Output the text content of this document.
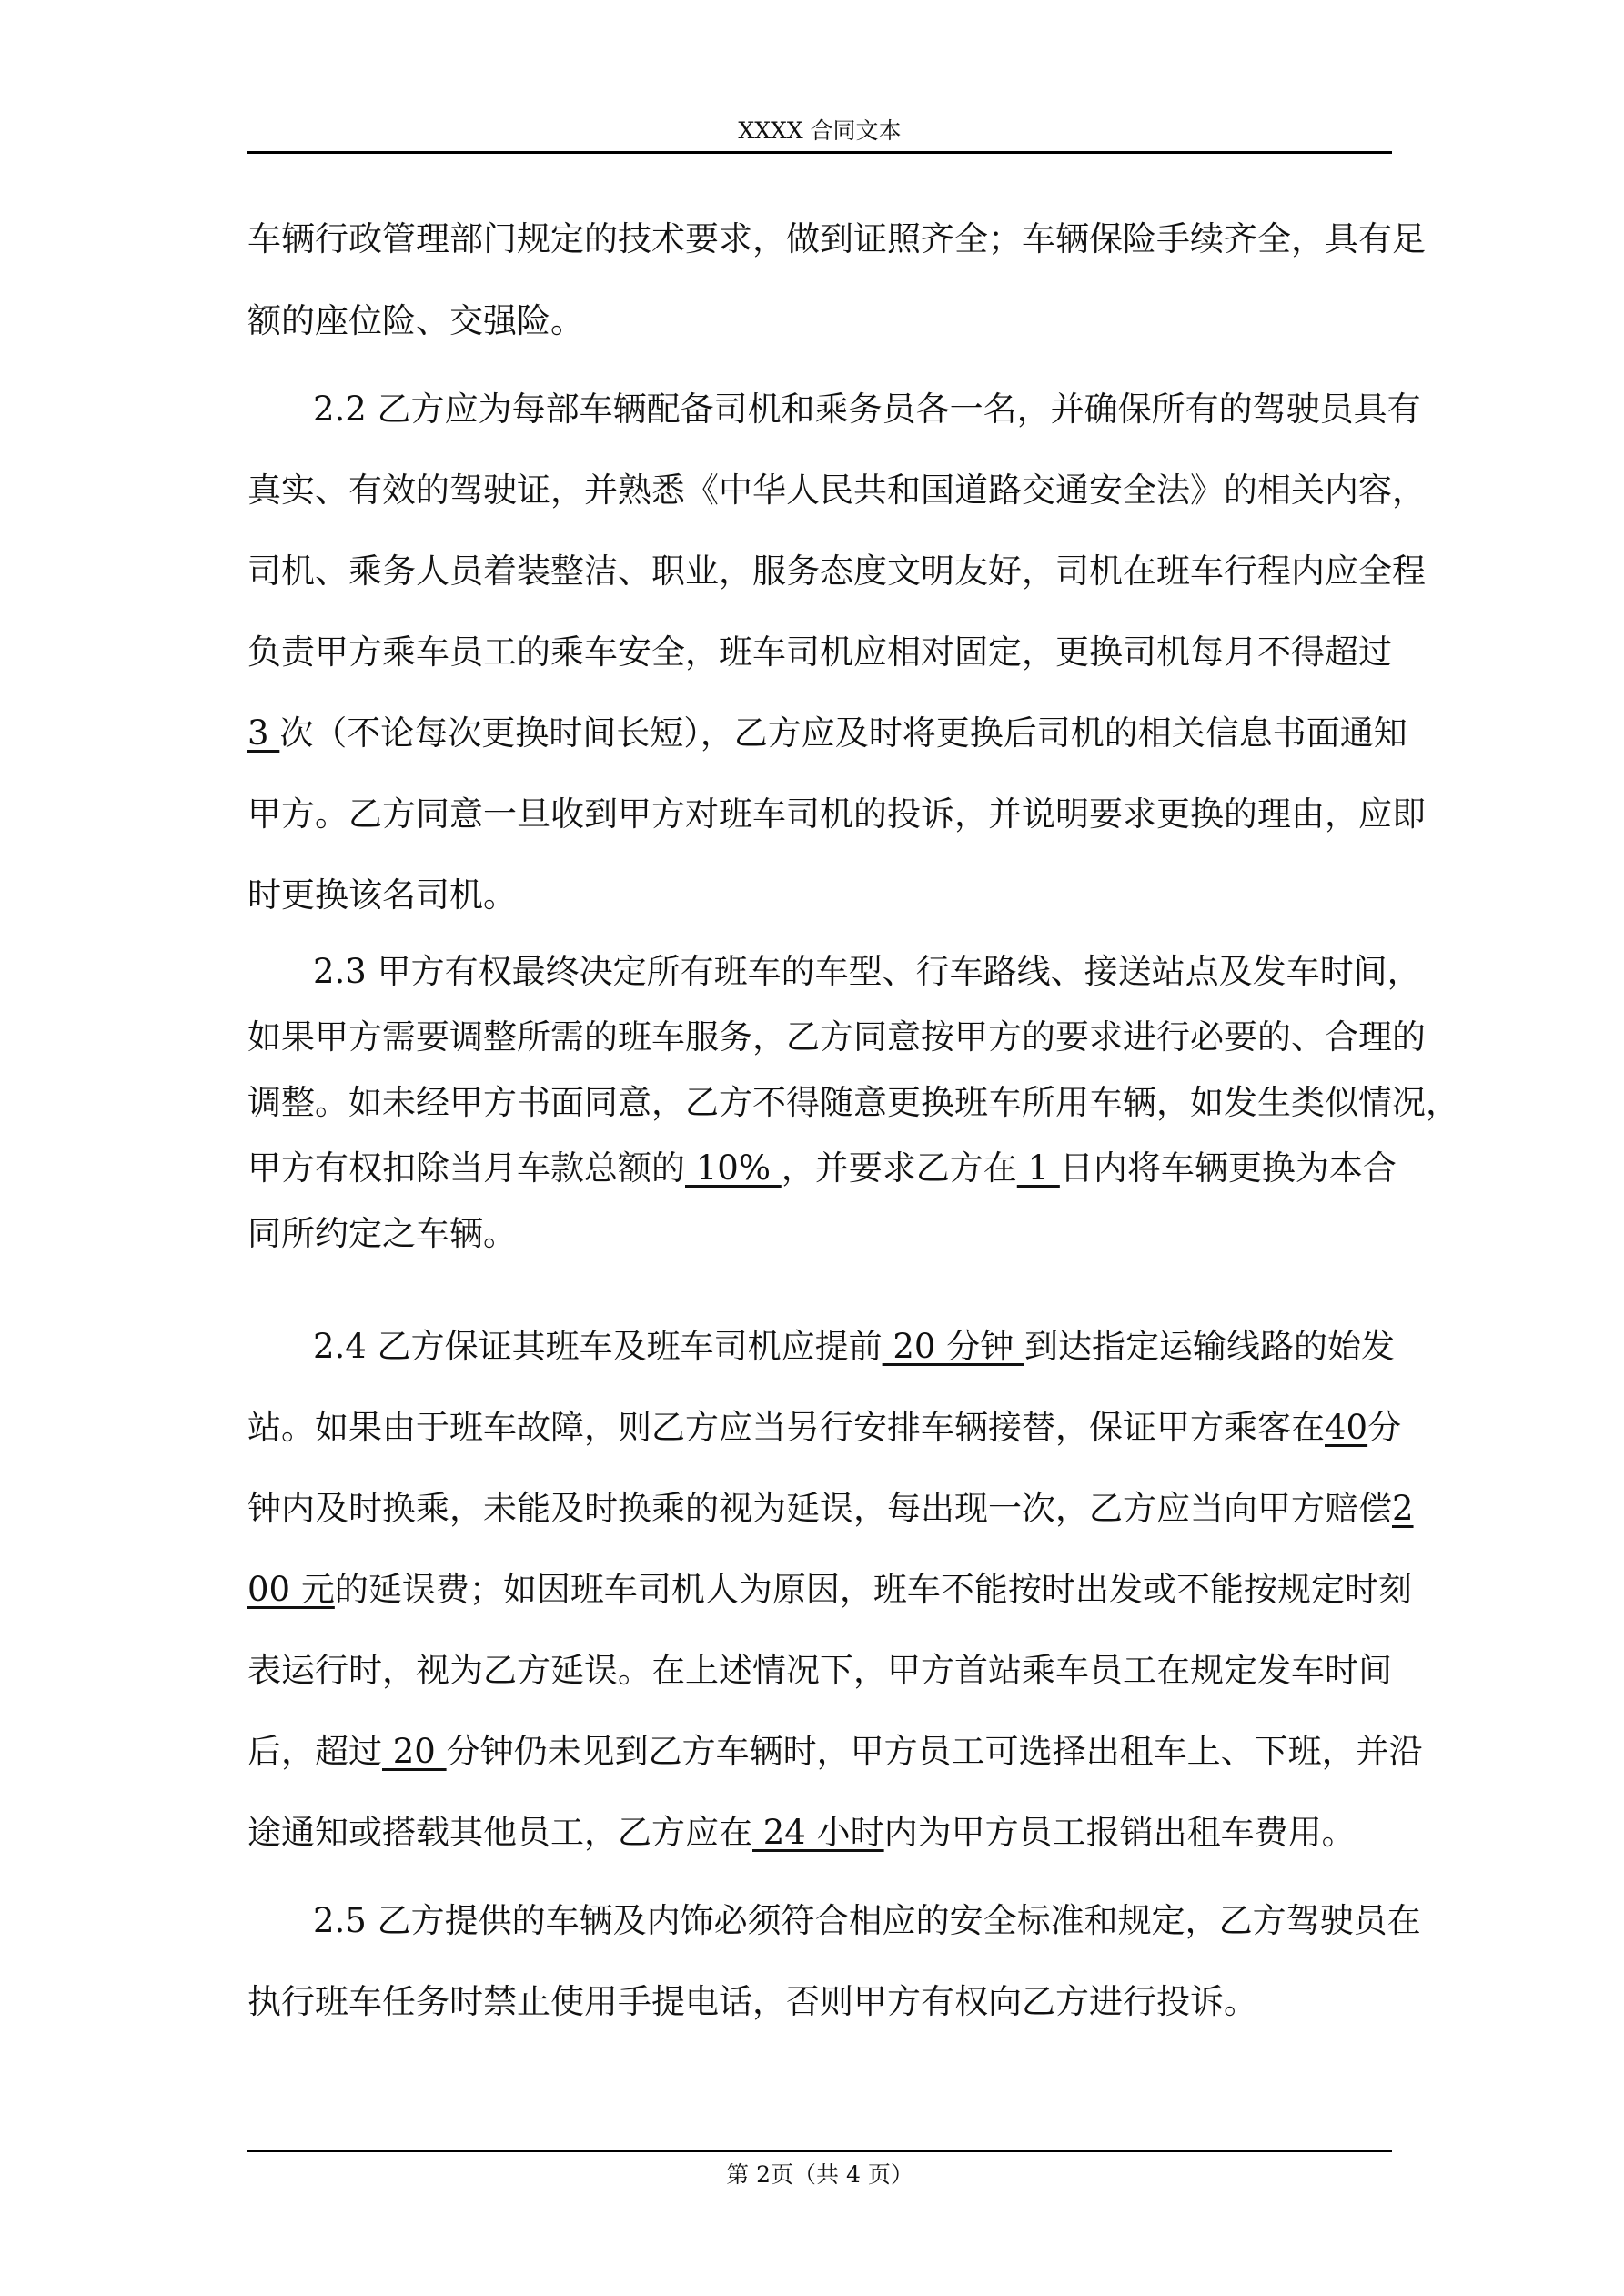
XXXX 合同文本
车辆行政管理部门规定的技术要求，做到证照齐全；车辆保险手续齐全，具有足
额的座位险、交强险。
2.2 乙方应为每部车辆配备司机和乘务员各一名，并确保所有的驾驶员具有
真实、有效的驾驶证，并熟悉《中华人民共和国道路交通安全法》的相关内容，
司机、乘务人员着装整洁、职业，服务态度文明友好，司机在班车行程内应全程
负责甲方乘车员工的乘车安全，班车司机应相对固定，更换司机每月不得超过
3 次（不论每次更换时间长短），乙方应及时将更换后司机的相关信息书面通知
甲方。乙方同意一旦收到甲方对班车司机的投诉，并说明要求更换的理由，应即
时更换该名司机。
2.3 甲方有权最终决定所有班车的车型、行车路线、接送站点及发车时间，
如果甲方需要调整所需的班车服务，乙方同意按甲方的要求进行必要的、合理的
调整。如未经甲方书面同意，乙方不得随意更换班车所用车辆，如发生类似情况，
甲方有权扣除当月车款总额的 10% ，并要求乙方在 1 日内将车辆更换为本合
同所约定之车辆。
2.4 乙方保证其班车及班车司机应提前 20 分钟 到达指定运输线路的始发
站。如果由于班车故障，则乙方应当另行安排车辆接替，保证甲方乘客在40分
钟内及时换乘，未能及时换乘的视为延误，每出现一次，乙方应当向甲方赔偿2
00 元的延误费；如因班车司机人为原因，班车不能按时出发或不能按规定时刻
表运行时，视为乙方延误。在上述情况下，甲方首站乘车员工在规定发车时间
后，超过 20 分钟仍未见到乙方车辆时，甲方员工可选择出租车上、下班，并沿
途通知或搭载其他员工，乙方应在 24 小时内为甲方员工报销出租车费用。
2.5 乙方提供的车辆及内饰必须符合相应的安全标准和规定，乙方驾驶员在
执行班车任务时禁止使用手提电话，否则甲方有权向乙方进行投诉。
第 2页（共 4 页）
